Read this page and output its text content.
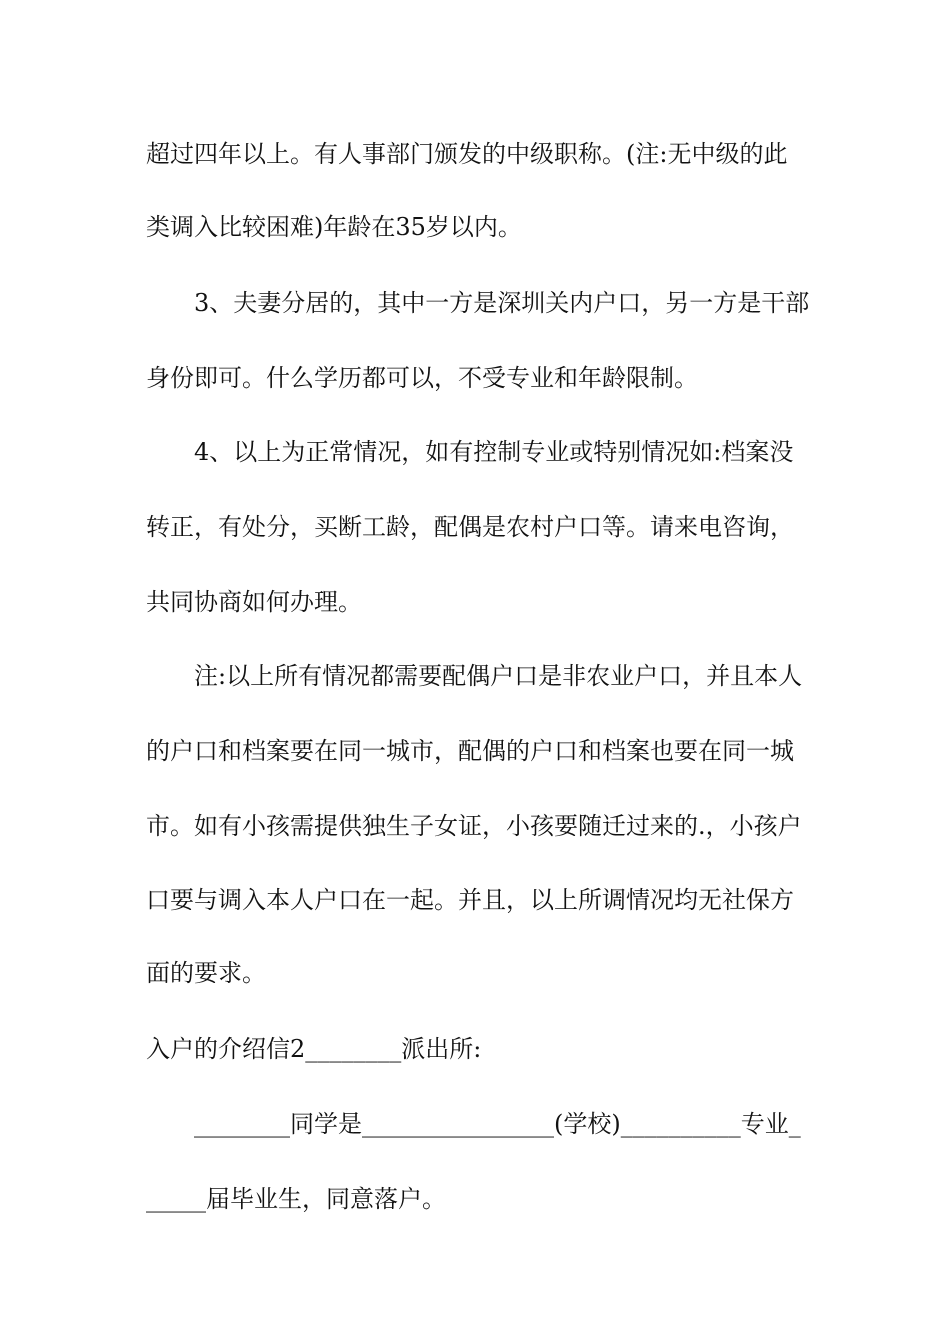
超过四年以上。有人事部门颁发的中级职称。(注:无中级的此
类调入比较困难)年龄在35岁以内。
3、夫妻分居的，其中一方是深圳关内户口，另一方是干部
身份即可。什么学历都可以，不受专业和年龄限制。
4、以上为正常情况，如有控制专业或特别情况如:档案没
转正，有处分，买断工龄，配偶是农村户口等。请来电咨询，
共同协商如何办理。
注:以上所有情况都需要配偶户口是非农业户口，并且本人
的户口和档案要在同一城市，配偶的户口和档案也要在同一城
市。如有小孩需提供独生子女证，小孩要随迁过来的.，小孩户
口要与调入本人户口在一起。并且，以上所调情况均无社保方
面的要求。
入户的介绍信2________派出所:
________同学是________________(学校)__________专业_
_____届毕业生，同意落户。
